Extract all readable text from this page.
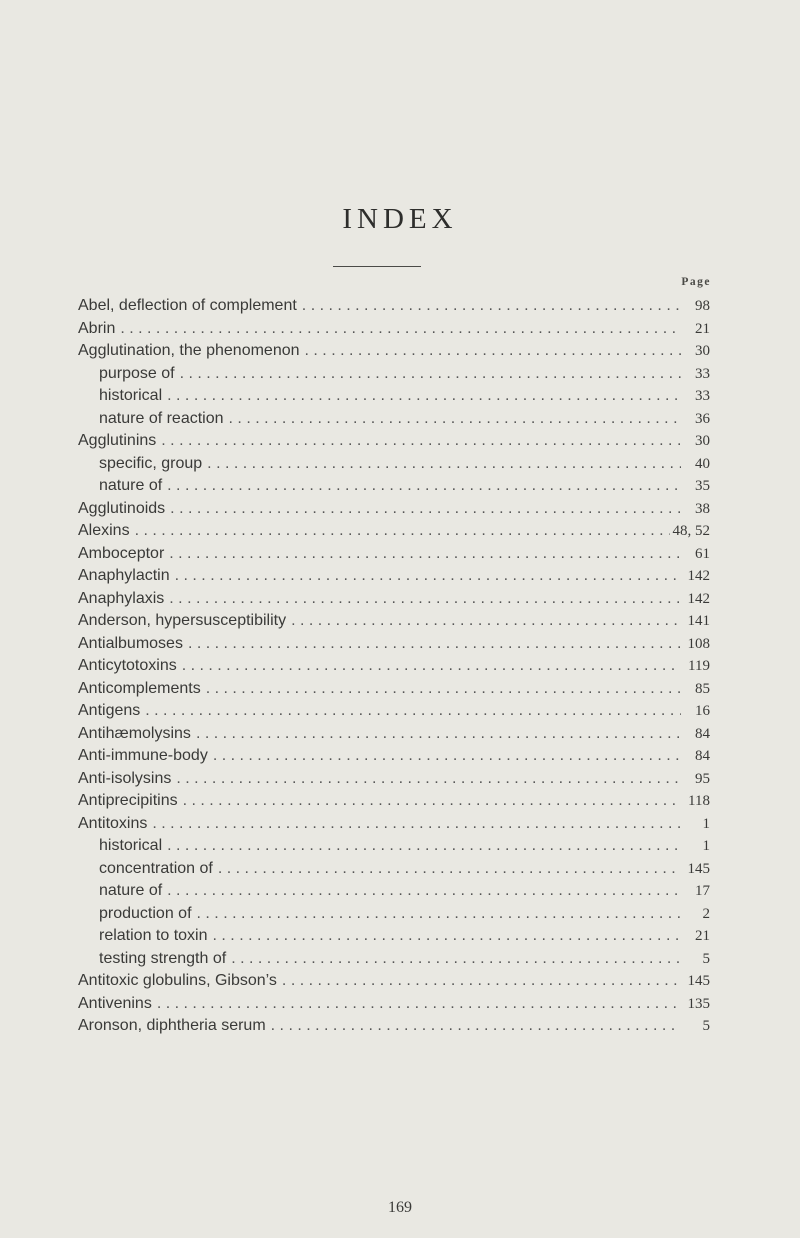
INDEX
Page
Abel, deflection of complement . . .	98
Abrin . . .	21
Agglutination, the phenomenon . . .	30
purpose of . . .	33
historical . . .	33
nature of reaction . . .	36
Agglutinins . . .	30
specific, group . . .	40
nature of . . .	35
Agglutinoids . . .	38
Alexins . . .	48, 52
Amboceptor . . .	61
Anaphylactin . . .	142
Anaphylaxis . . .	142
Anderson, hypersusceptibility . . .	141
Antialbumoses . . .	108
Anticytotoxins . . .	119
Anticomplements . . .	85
Antigens . . .	16
Antihæmolysins . . .	84
Anti-immune-body . . .	84
Anti-isolysins . . .	95
Antiprecipitins . . .	118
Antitoxins . . .	1
historical . . .	1
concentration of . . .	145
nature of . . .	17
production of . . .	2
relation to toxin . . .	21
testing strength of . . .	5
Antitoxic globulins, Gibson’s . . .	145
Antivenins . . .	135
Aronson, diphtheria serum . . .	5
169
